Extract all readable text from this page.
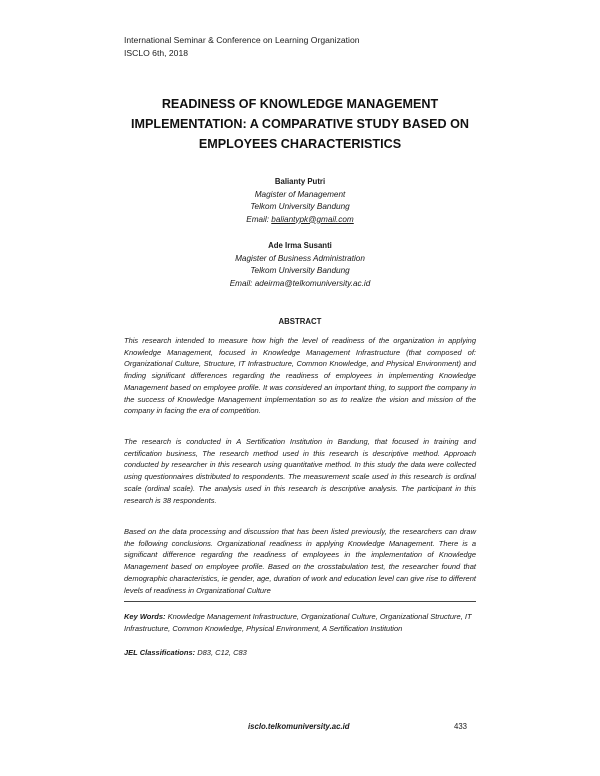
International Seminar & Conference on Learning Organization
ISCLO 6th, 2018
READINESS OF KNOWLEDGE MANAGEMENT
IMPLEMENTATION: A COMPARATIVE STUDY BASED ON
EMPLOYEES CHARACTERISTICS
Balianty Putri
Magister of Management
Telkom University Bandung
Email: baliantypk@gmail.com
Ade Irma Susanti
Magister of Business Administration
Telkom University Bandung
Email: adeirma@telkomuniversity.ac.id
ABSTRACT

This research intended to measure how high the level of readiness of the organization in applying Knowledge Management, focused in Knowledge Management Infrastructure (that composed of: Organizational Culture, Structure, IT Infrastructure, Common Knowledge, and Physical Environment) and finding significant differences regarding the readiness of employees in implementing Knowledge Management based on employee profile. It was considered an important thing, to support the company in the success of Knowledge Management implementation so as to realize the vision and mission of the company in facing the era of competition.

The research is conducted in A Sertification Institution in Bandung, that focused in training and certification business, The research method used in this research is descriptive method. Approach conducted by researcher in this research using quantitative method. In this study the data were collected using questionnaires distributed to respondents. The measurement scale used in this research is ordinal scale (ordinal scale). The analysis used in this research is descriptive analysis. The participant in this research is 38 respondents.

Based on the data processing and discussion that has been listed previously, the researchers can draw the following conclusions. Organizational readiness in applying Knowledge Management. There is a significant difference regarding the readiness of employees in the implementation of Knowledge Management based on employee profile. Based on the crosstabulation test, the researcher found that demographic characteristics, ie gender, age, duration of work and education level can give rise to different levels of readiness in Organizational Culture

Key Words: Knowledge Management Infrastructure, Organizational Culture, Organizational Structure, IT Infrastructure, Common Knowledge, Physical Environment, A Sertification Institution

JEL Classifications: D83, C12, C83

isclo.telkomuniversity.ac.id	433
